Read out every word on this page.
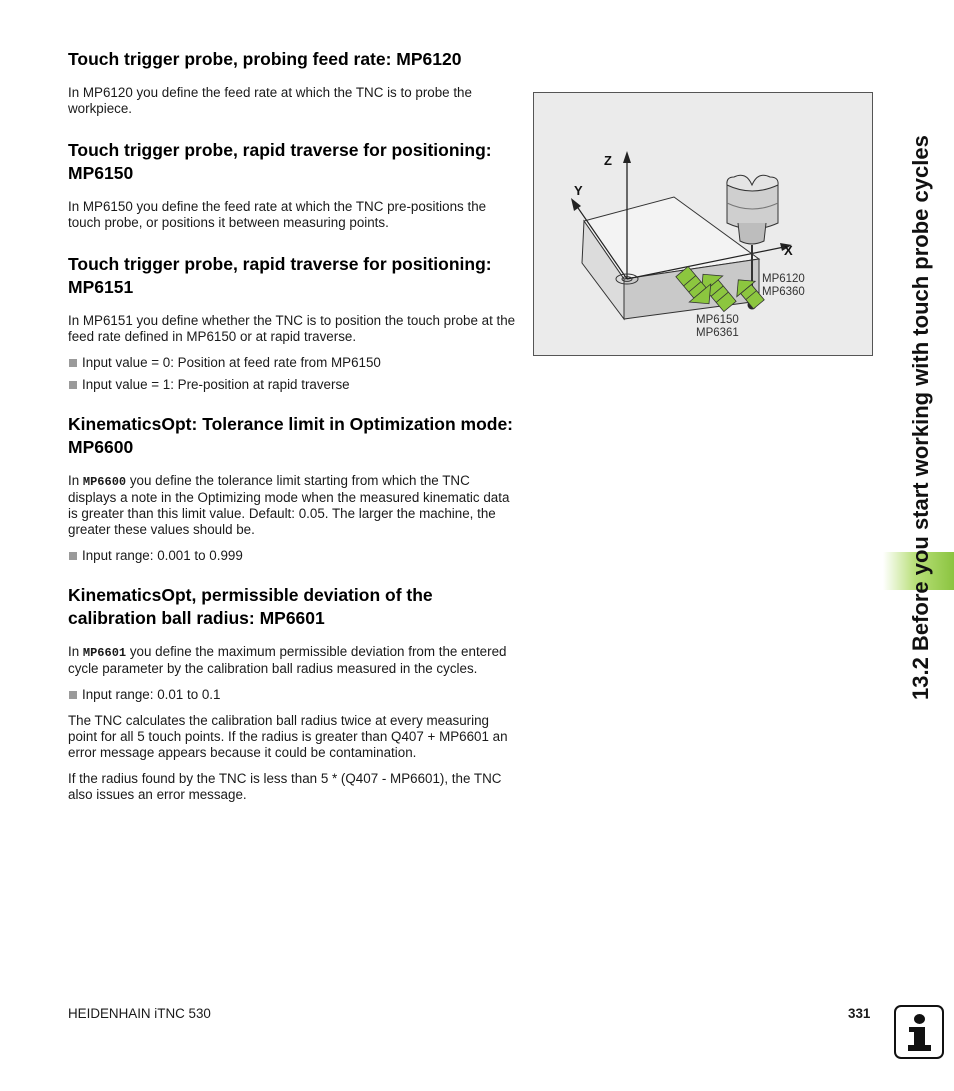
Touch trigger probe, probing feed rate: MP6120

In MP6120 you define the feed rate at which the TNC is to probe the workpiece.

Touch trigger probe, rapid traverse for positioning: MP6150

In MP6150 you define the feed rate at which the TNC pre-positions the touch probe, or positions it between measuring points.

Touch trigger probe, rapid traverse for positioning: MP6151

In MP6151 you define whether the TNC is to position the touch probe at the feed rate defined in MP6150 or at rapid traverse.

Input value = 0: Position at feed rate from MP6150
Input value = 1: Pre-position at rapid traverse
KinematicsOpt: Tolerance limit in Optimization mode: MP6600

In MP6600 you define the tolerance limit starting from which the TNC displays a note in the Optimizing mode when the measured kinematic data is greater than this limit value. Default: 0.05. The larger the machine, the greater these values should be.

Input range: 0.001 to 0.999
KinematicsOpt, permissible deviation of the calibration ball radius: MP6601

In MP6601 you define the maximum permissible deviation from the entered cycle parameter by the calibration ball radius measured in the cycles.

Input range: 0.01 to 0.1

The TNC calculates the calibration ball radius twice at every measuring point for all 5 touch points. If the radius is greater than Q407 + MP6601 an error message appears because it could be contamination.

If the radius found by the TNC is less than 5 * (Q407 - MP6601), the TNC also issues an error message.

Z
Y
X
MP6120
MP6360
MP6150
MP6361	13.2 Before you start working with touch probe cycles
HEIDENHAIN iTNC 530	331
